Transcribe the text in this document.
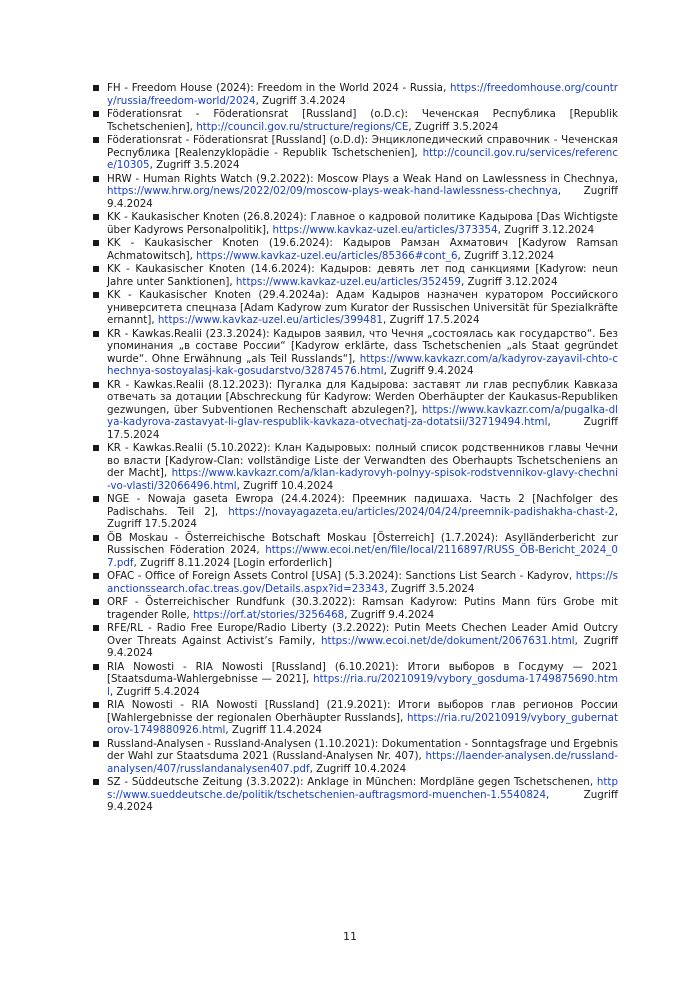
FH - Freedom House (2024): Freedom in the World 2024 - Russia, https://freedomhouse.org/country/russia/freedom-world/2024, Zugriff 3.4.2024
Föderationsrat - Föderationsrat [Russland] (o.D.c): Чеченская Республика [Republik Tschetschenien], http://council.gov.ru/structure/regions/CE, Zugriff 3.5.2024
Föderationsrat - Föderationsrat [Russland] (o.D.d): Энциклопедический справочник - Чеченская Республика [Realenzyklopädie - Republik Tschetschenien], http://council.gov.ru/services/reference/10305, Zugriff 3.5.2024
HRW - Human Rights Watch (9.2.2022): Moscow Plays a Weak Hand on Lawlessness in Chechnya, https://www.hrw.org/news/2022/02/09/moscow-plays-weak-hand-lawlessness-chechnya, Zugriff 9.4.2024
KK - Kaukasischer Knoten (26.8.2024): Главное о кадровой политике Кадырова [Das Wichtigste über Kadyrows Personalpolitik], https://www.kavkaz-uzel.eu/articles/373354, Zugriff 3.12.2024
KK - Kaukasischer Knoten (19.6.2024): Кадыров Рамзан Ахматович [Kadyrow Ramsan Achmatowitsch], https://www.kavkaz-uzel.eu/articles/85366#cont_6, Zugriff 3.12.2024
KK - Kaukasischer Knoten (14.6.2024): Кадыров: девять лет под санкциями [Kadyrow: neun Jahre unter Sanktionen], https://www.kavkaz-uzel.eu/articles/352459, Zugriff 3.12.2024
KK - Kaukasischer Knoten (29.4.2024a): Адам Кадыров назначен куратором Российского университета спецназа [Adam Kadyrow zum Kurator der Russischen Universität für Spezialkräfte ernannt], https://www.kavkaz-uzel.eu/articles/399481, Zugriff 17.5.2024
KR - Kawkas.Realii (23.3.2024): Кадыров заявил, что Чечня „состоялась как государство“. Без упоминания „в составе России“ [Kadyrow erklärte, dass Tschetschenien „als Staat gegründet wurde“. Ohne Erwähnung „als Teil Russlands“], https://www.kavkazr.com/a/kadyrov-zayavil-chto-chechnya-sostoyalasj-kak-gosudarstvo/32874576.html, Zugriff 9.4.2024
KR - Kawkas.Realii (8.12.2023): Пугалка для Кадырова: заставят ли глав республик Кавказа отвечать за дотации [Abschreckung für Kadyrow: Werden Oberhäupter der Kaukasus-Republiken gezwungen, über Subventionen Rechenschaft abzulegen?], https://www.kavkazr.com/a/pugalka-dlya-kadyrova-zastavyat-li-glav-respublik-kavkaza-otvechatj-za-dotatsii/32719494.html, Zugriff 17.5.2024
KR - Kawkas.Realii (5.10.2022): Клан Кадыровых: полный список родственников главы Чечни во власти [Kadyrow-Clan: vollständige Liste der Verwandten des Oberhaupts Tschetscheniens an der Macht], https://www.kavkazr.com/a/klan-kadyrovyh-polnyy-spisok-rodstvennikov-glavy-chechni-vo-vlasti/32066496.html, Zugriff 10.4.2024
NGE - Nowaja gaseta Ewropa (24.4.2024): Преемник падишаха. Часть 2 [Nachfolger des Padischahs. Teil 2], https://novayagazeta.eu/articles/2024/04/24/preemnik-padishakha-chast-2, Zugriff 17.5.2024
ÖB Moskau - Österreichische Botschaft Moskau [Österreich] (1.7.2024): Asylländerbericht zur Russischen Föderation 2024, https://www.ecoi.net/en/file/local/2116897/RUSS_ÖB-Bericht_2024_07.pdf, Zugriff 8.11.2024 [Login erforderlich]
OFAC - Office of Foreign Assets Control [USA] (5.3.2024): Sanctions List Search - Kadyrov, https://sanctionssearch.ofac.treas.gov/Details.aspx?id=23343, Zugriff 3.5.2024
ORF - Österreichischer Rundfunk (30.3.2022): Ramsan Kadyrow: Putins Mann fürs Grobe mit tragender Rolle, https://orf.at/stories/3256468, Zugriff 9.4.2024
RFE/RL - Radio Free Europe/Radio Liberty (3.2.2022): Putin Meets Chechen Leader Amid Outcry Over Threats Against Activist’s Family, https://www.ecoi.net/de/dokument/2067631.html, Zugriff 9.4.2024
RIA Nowosti - RIA Nowosti [Russland] (6.10.2021): Итоги выборов в Госдуму — 2021 [Staatsduma-Wahlergebnisse — 2021], https://ria.ru/20210919/vybory_gosduma-1749875690.html, Zugriff 5.4.2024
RIA Nowosti - RIA Nowosti [Russland] (21.9.2021): Итоги выборов глав регионов России [Wahlergebnisse der regionalen Oberhäupter Russlands], https://ria.ru/20210919/vybory_gubernatorov-1749880926.html, Zugriff 11.4.2024
Russland-Analysen - Russland-Analysen (1.10.2021): Dokumentation - Sonntagsfrage und Ergebnis der Wahl zur Staatsduma 2021 (Russland-Analysen Nr. 407), https://laender-analysen.de/russland-analysen/407/russlandanalysen407.pdf, Zugriff 10.4.2024
SZ - Süddeutsche Zeitung (3.3.2022): Anklage in München: Mordpläne gegen Tschetschenen, https://www.sueddeutsche.de/politik/tschetschenien-auftragsmord-muenchen-1.5540824, Zugriff 9.4.2024
11
